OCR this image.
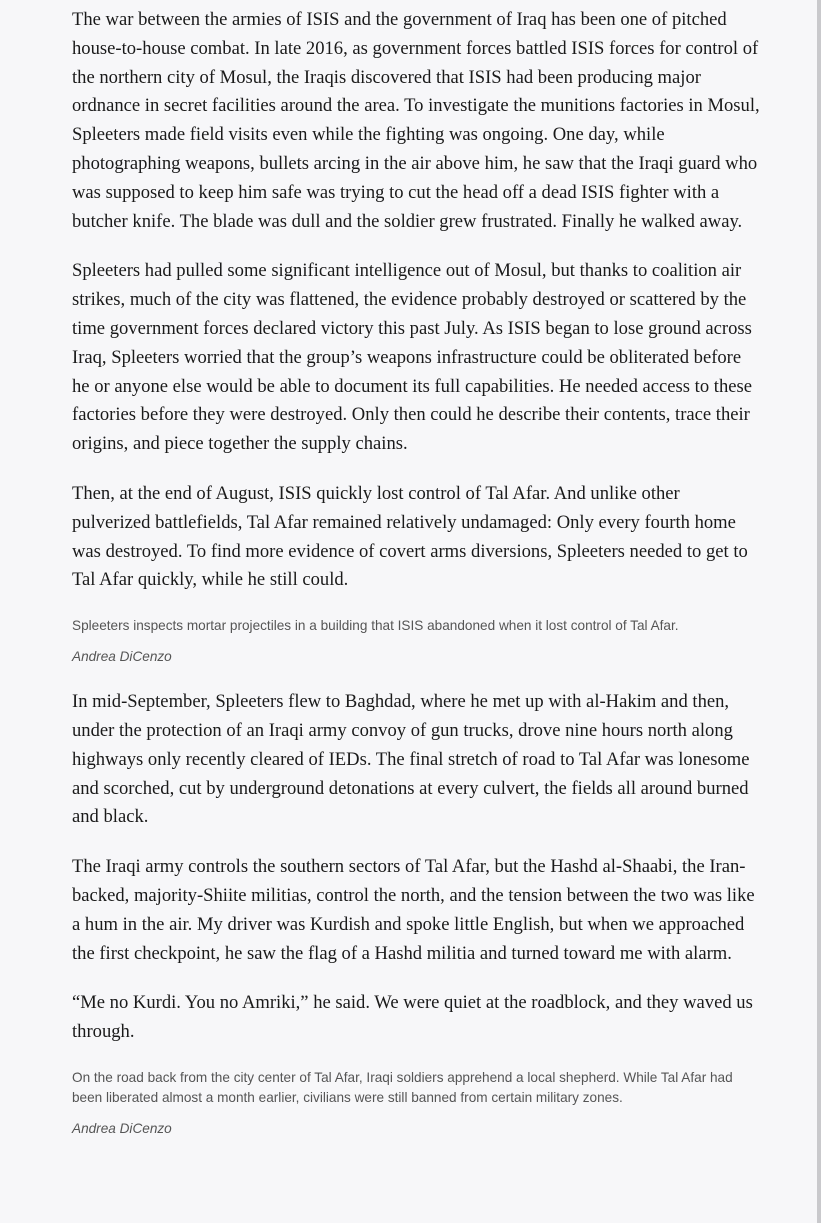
The war between the armies of ISIS and the government of Iraq has been one of pitched house-to-house combat. In late 2016, as government forces battled ISIS forces for control of the northern city of Mosul, the Iraqis discovered that ISIS had been producing major ordnance in secret facilities around the area. To investigate the munitions factories in Mosul, Spleeters made field visits even while the fighting was ongoing. One day, while photographing weapons, bullets arcing in the air above him, he saw that the Iraqi guard who was supposed to keep him safe was trying to cut the head off a dead ISIS fighter with a butcher knife. The blade was dull and the soldier grew frustrated. Finally he walked away.

Spleeters had pulled some significant intelligence out of Mosul, but thanks to coalition air strikes, much of the city was flattened, the evidence probably destroyed or scattered by the time government forces declared victory this past July. As ISIS began to lose ground across Iraq, Spleeters worried that the group’s weapons infrastructure could be obliterated before he or anyone else would be able to document its full capabilities. He needed access to these factories before they were destroyed. Only then could he describe their contents, trace their origins, and piece together the supply chains.

Then, at the end of August, ISIS quickly lost control of Tal Afar. And unlike other pulverized battlefields, Tal Afar remained relatively undamaged: Only every fourth home was destroyed. To find more evidence of covert arms diversions, Spleeters needed to get to Tal Afar quickly, while he still could.

Spleeters inspects mortar projectiles in a building that ISIS abandoned when it lost control of Tal Afar.

Andrea DiCenzo

In mid-September, Spleeters flew to Baghdad, where he met up with al-Hakim and then, under the protection of an Iraqi army convoy of gun trucks, drove nine hours north along highways only recently cleared of IEDs. The final stretch of road to Tal Afar was lonesome and scorched, cut by underground detonations at every culvert, the fields all around burned and black.

The Iraqi army controls the southern sectors of Tal Afar, but the Hashd al-Shaabi, the Iran-backed, majority-Shiite militias, control the north, and the tension between the two was like a hum in the air. My driver was Kurdish and spoke little English, but when we approached the first checkpoint, he saw the flag of a Hashd militia and turned toward me with alarm.

“Me no Kurdi. You no Amriki,” he said. We were quiet at the roadblock, and they waved us through.

On the road back from the city center of Tal Afar, Iraqi soldiers apprehend a local shepherd. While Tal Afar had been liberated almost a month earlier, civilians were still banned from certain military zones.

Andrea DiCenzo
